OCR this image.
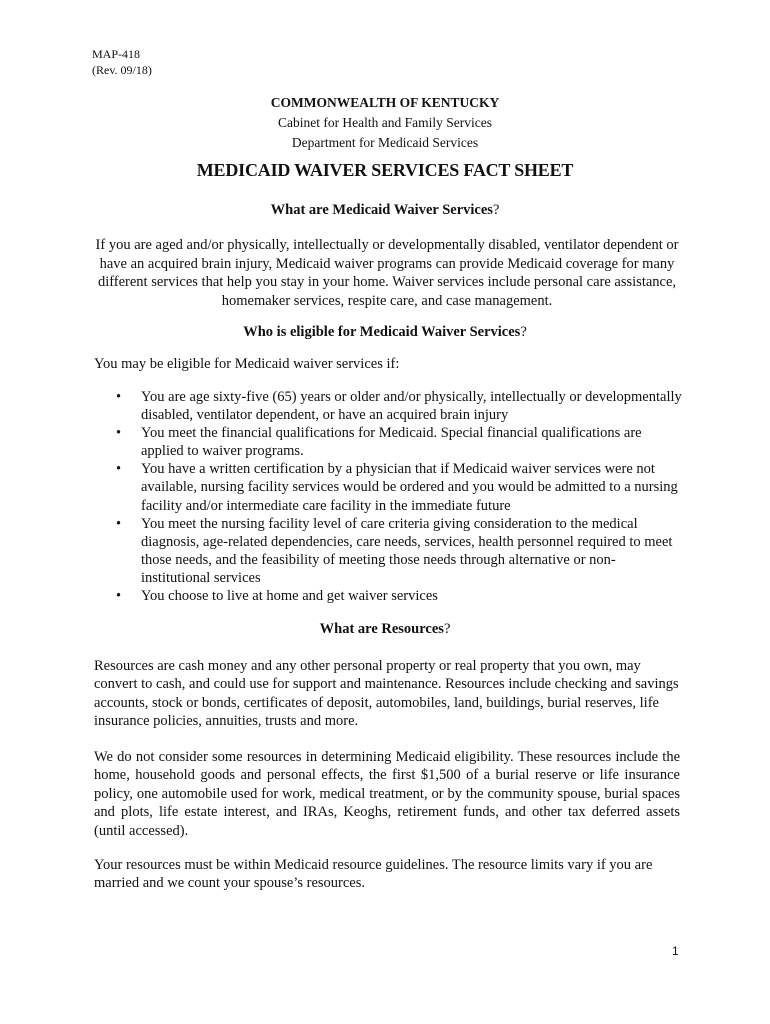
MAP-418
(Rev. 09/18)
COMMONWEALTH OF KENTUCKY
Cabinet for Health and Family Services
Department for Medicaid Services
MEDICAID WAIVER SERVICES FACT SHEET
What are Medicaid Waiver Services?
If you are aged and/or physically, intellectually or developmentally disabled, ventilator dependent or have an acquired brain injury, Medicaid waiver programs can provide Medicaid coverage for many different services that help you stay in your home. Waiver services include personal care assistance, homemaker services, respite care, and case management.
Who is eligible for Medicaid Waiver Services?
You may be eligible for Medicaid waiver services if:
• You are age sixty-five (65) years or older and/or physically, intellectually or developmentally disabled, ventilator dependent, or have an acquired brain injury
• You meet the financial qualifications for Medicaid. Special financial qualifications are applied to waiver programs.
• You have a written certification by a physician that if Medicaid waiver services were not available, nursing facility services would be ordered and you would be admitted to a nursing facility and/or intermediate care facility in the immediate future
• You meet the nursing facility level of care criteria giving consideration to the medical diagnosis, age-related dependencies, care needs, services, health personnel required to meet those needs, and the feasibility of meeting those needs through alternative or non-institutional services
• You choose to live at home and get waiver services
What are Resources?
Resources are cash money and any other personal property or real property that you own, may convert to cash, and could use for support and maintenance. Resources include checking and savings accounts, stock or bonds, certificates of deposit, automobiles, land, buildings, burial reserves, life insurance policies, annuities, trusts and more.
We do not consider some resources in determining Medicaid eligibility. These resources include the home, household goods and personal effects, the first $1,500 of a burial reserve or life insurance policy, one automobile used for work, medical treatment, or by the community spouse, burial spaces and plots, life estate interest, and IRAs, Keoghs, retirement funds, and other tax deferred assets (until accessed).
Your resources must be within Medicaid resource guidelines. The resource limits vary if you are married and we count your spouse’s resources.
1
